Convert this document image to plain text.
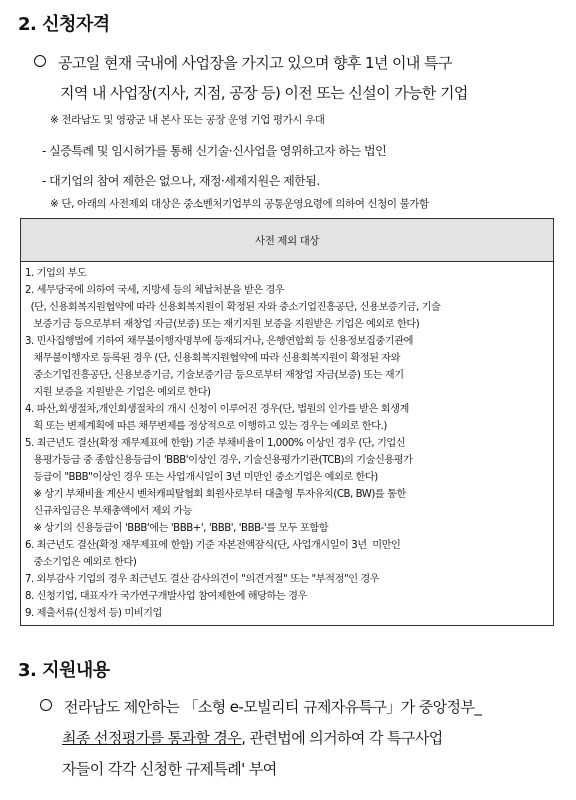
2. 신청자격
공고일 현재 국내에 사업장을 가지고 있으며 향후 1년 이내 특구
지역 내 사업장(지사, 지점, 공장 등) 이전 또는 신설이 가능한 기업
※ 전라남도 및 영광군 내 본사 또는 공장 운영 기업 평가시 우대
- 실증특례 및 임시허가를 통해 신기술·신사업을 영위하고자 하는 법인
- 대기업의 참여 제한은 없으나, 재정·세제지원은 제한됨.
※ 단, 아래의 사전제외 대상은 중소벤처기업부의 공통운영요령에 의하여 신청이 불가함
사전 제외 대상

1. 기업의 부도
2. 세무당국에 의하여 국세, 지방세 등의 체납처분을 받은 경우
(단, 신용회복지원협약에 따라 신용회복지원이 확정된 자와 중소기업진흥공단, 신용보증기금, 기술
보증기금 등으로부터 재창업 자금(보증) 또는 재기지원 보증을 지원받은 기업은 예외로 한다)
3. 민사집행법에 기하여 채무불이행자명부에 등재되거나, 은행연합회 등 신용정보집중기관에
채무불이행자로 등록된 경우 (단, 신용회복지원협약에 따라 신용회복지원이 확정된 자와
중소기업진흥공단, 신용보증기금, 기술보증기금 등으로부터 재창업 자금(보증) 또는 재기
지원 보증을 지원받은 기업은 예외로 한다)
4. 파산,회생절차,개인회생절차의 개시 신청이 이루어진 경우(단, 법원의 인가를 받은 회생계
획 또는 변제계획에 따른 채무변제를 정상적으로 이행하고 있는 경우는 예외로 한다.)
5. 최근년도 결산(확정 재무제표에 한함) 기준 부채비율이 1,000% 이상인 경우 (단, 기업신
용평가등급 중 종합신용등급이 'BBB'이상인 경우, 기술신용평가기관(TCB)의 기술신용평가
등급이 "BBB"이상인 경우 또는 사업개시일이 3년 미만인 중소기업은 예외로 한다)
※ 상기 부채비율 계산시 벤처캐피탈협회 회원사로부터 대출형 투자유치(CB, BW)를 통한
신규차입금은 부채총액에서 제외 가능
※ 상기의 신용등급이 'BBB'에는 'BBB+', 'BBB', 'BBB-'를 모두 포함함
6. 최근년도 결산(확정 재무제표에 한함) 기준 자본전액잠식(단, 사업개시일이 3년  미만인
중소기업은 예외로 한다)
7. 외부감사 기업의 경우 최근년도 결산 감사의견이 "의견거절" 또는 "부적정"인 경우
8. 신청기업, 대표자가 국가연구개발사업 참여제한에 해당하는 경우
9. 제출서류(신청서 등) 미비기업
3. 지원내용
전라남도 제안하는 「소형 e-모빌리티 규제자유특구」가 중앙정부_
최종 선정평가를 통과할 경우, 관련법에 의거하여 각 특구사업
자들이 각각 신청한 규제특례' 부여
